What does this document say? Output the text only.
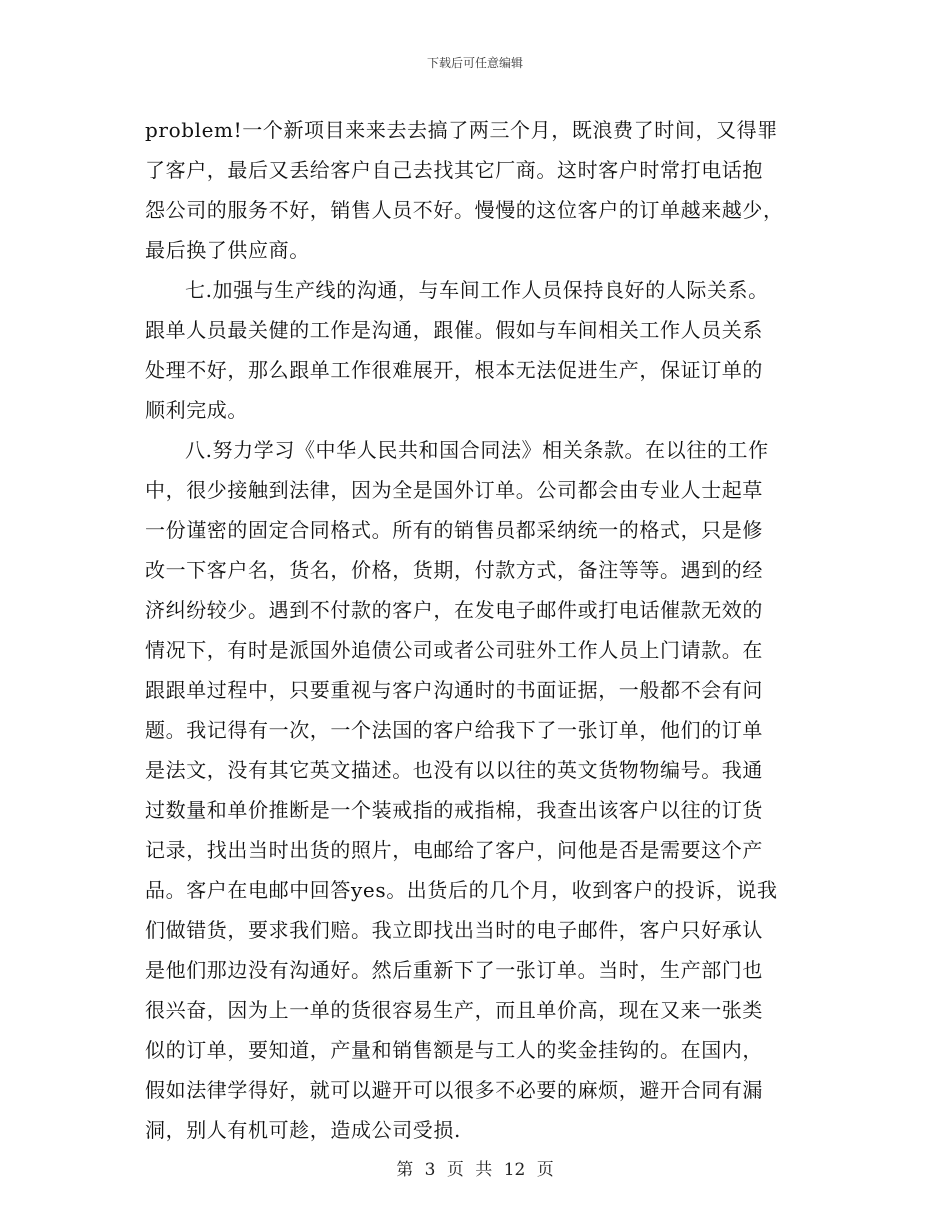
下载后可任意编辑
problem!一个新项目来来去去搞了两三个月，既浪费了时间，又得罪
了客户，最后又丢给客户自己去找其它厂商。这时客户时常打电话抱
怨公司的服务不好，销售人员不好。慢慢的这位客户的订单越来越少，
最后换了供应商。
七.加强与生产线的沟通，与车间工作人员保持良好的人际关系。
跟单人员最关健的工作是沟通，跟催。假如与车间相关工作人员关系
处理不好，那么跟单工作很难展开，根本无法促进生产，保证订单的
顺利完成。
八.努力学习《中华人民共和国合同法》相关条款。在以往的工作
中，很少接触到法律，因为全是国外订单。公司都会由专业人士起草
一份谨密的固定合同格式。所有的销售员都采纳统一的格式，只是修
改一下客户名，货名，价格，货期，付款方式，备注等等。遇到的经
济纠纷较少。遇到不付款的客户，在发电子邮件或打电话催款无效的
情况下，有时是派国外追债公司或者公司驻外工作人员上门请款。在
跟跟单过程中，只要重视与客户沟通时的书面证据，一般都不会有问
题。我记得有一次，一个法国的客户给我下了一张订单，他们的订单
是法文，没有其它英文描述。也没有以以往的英文货物物编号。我通
过数量和单价推断是一个装戒指的戒指棉，我查出该客户以往的订货
记录，找出当时出货的照片，电邮给了客户，问他是否是需要这个产
品。客户在电邮中回答yes。出货后的几个月，收到客户的投诉，说我
们做错货，要求我们赔。我立即找出当时的电子邮件，客户只好承认
是他们那边没有沟通好。然后重新下了一张订单。当时，生产部门也
很兴奋，因为上一单的货很容易生产，而且单价高，现在又来一张类
似的订单，要知道，产量和销售额是与工人的奖金挂钩的。在国内，
假如法律学得好，就可以避开可以很多不必要的麻烦，避开合同有漏
洞，别人有机可趁，造成公司受损.
第 3 页 共 12 页
